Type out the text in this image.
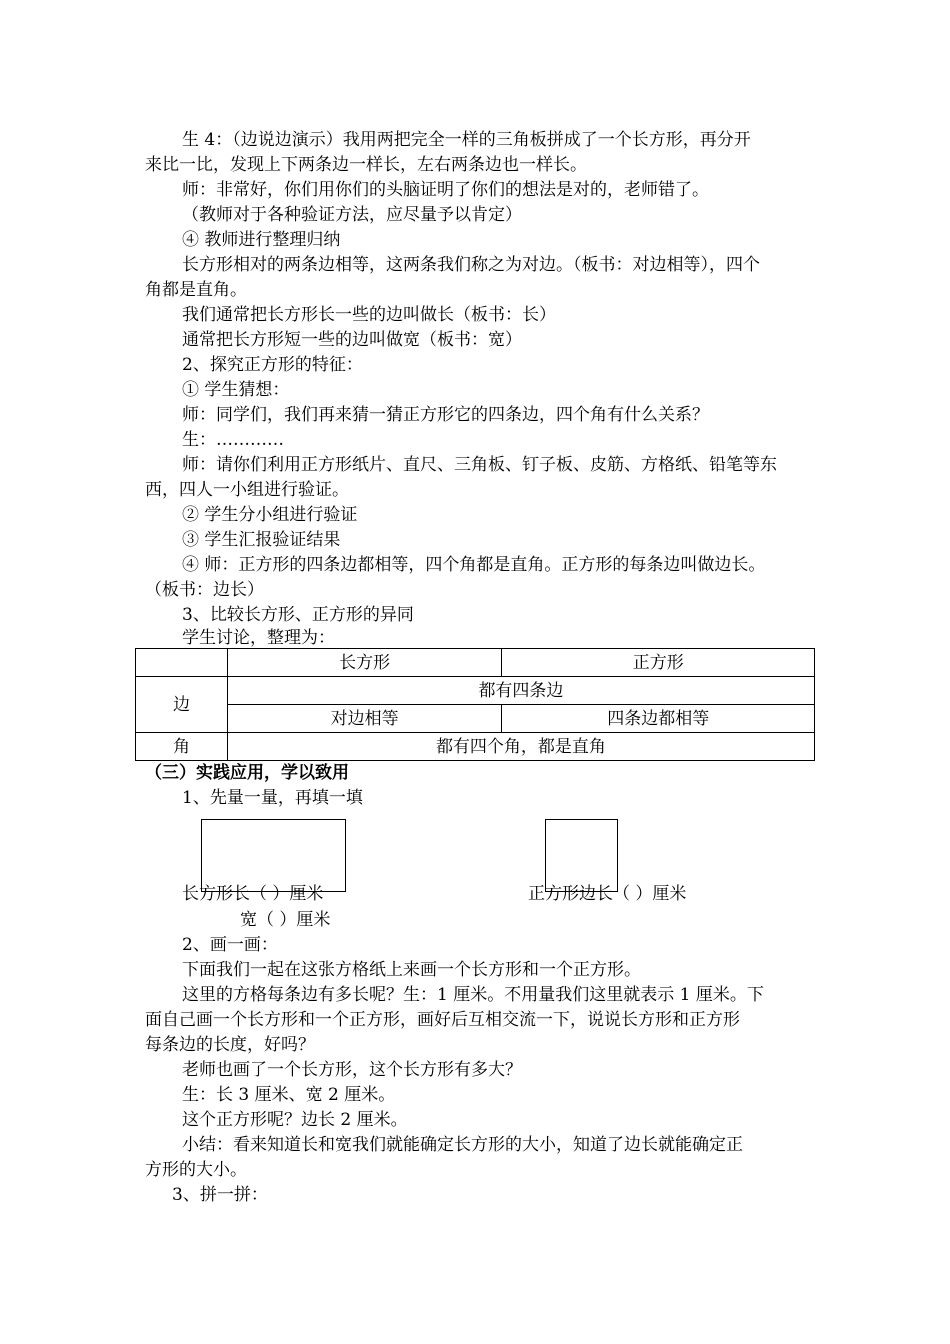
生 4：（边说边演示）我用两把完全一样的三角板拼成了一个长方形，再分开
来比一比，发现上下两条边一样长，左右两条边也一样长。
师：非常好，你们用你们的头脑证明了你们的想法是对的，老师错了。
（教师对于各种验证方法，应尽量予以肯定）
④ 教师进行整理归纳
长方形相对的两条边相等，这两条我们称之为对边。（板书：对边相等），四个
角都是直角。
我们通常把长方形长一些的边叫做长（板书：长）
通常把长方形短一些的边叫做宽（板书：宽）
2、探究正方形的特征：
① 学生猜想：
师：同学们，我们再来猜一猜正方形它的四条边，四个角有什么关系？
生：…………
师：请你们利用正方形纸片、直尺、三角板、钉子板、皮筋、方格纸、铅笔等东
西，四人一小组进行验证。
② 学生分小组进行验证
③ 学生汇报验证结果
④ 师：正方形的四条边都相等，四个角都是直角。正方形的每条边叫做边长。
（板书：边长）
3、比较长方形、正方形的异同
学生讨论，整理为：
	长方形	正方形
边	都有四条边	
	对边相等	四条边都相等
角	都有四个角，都是直角	
（三）实践应用，学以致用
1、先量一量，再填一填
长方形长（ ）厘米
宽（ ）厘米
正方形边长（ ）厘米
2、画一画：
下面我们一起在这张方格纸上来画一个长方形和一个正方形。
这里的方格每条边有多长呢？生：1 厘米。不用量我们这里就表示 1 厘米。下
面自己画一个长方形和一个正方形，画好后互相交流一下，说说长方形和正方形
每条边的长度，好吗？
老师也画了一个长方形，这个长方形有多大？
生：长 3 厘米、宽 2 厘米。
这个正方形呢？边长 2 厘米。
小结：看来知道长和宽我们就能确定长方形的大小，知道了边长就能确定正
方形的大小。
3、拼一拼：
